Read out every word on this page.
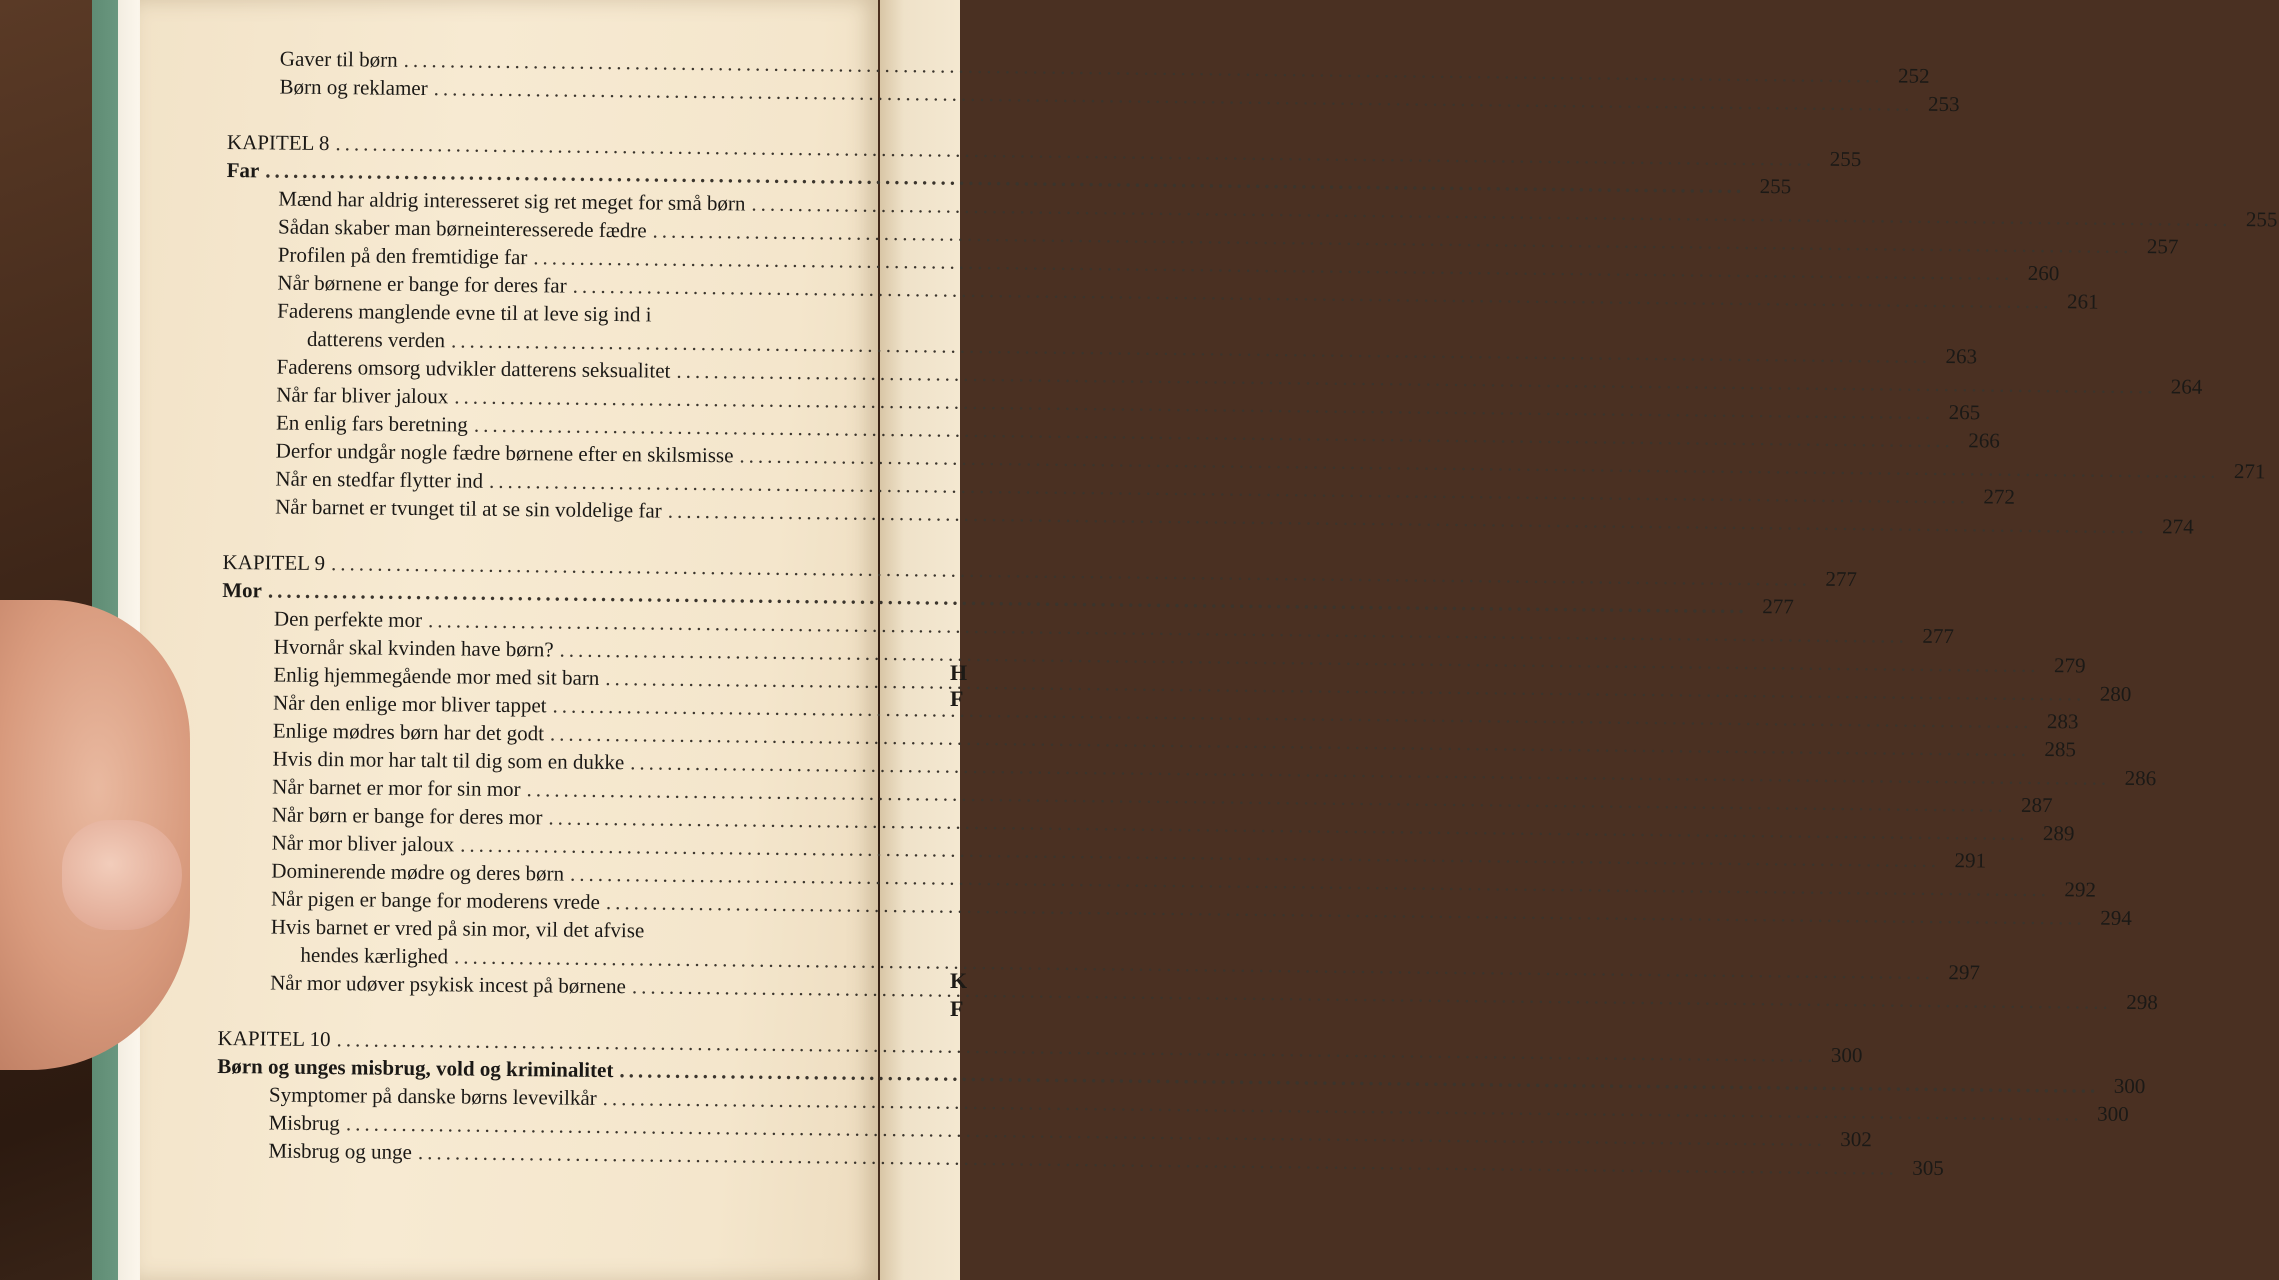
H
F
K
F
Gaver til børn
.....
252
Børn og reklamer
.....
253
KAPITEL 8
.....
255
Far
.....
255
Mænd har aldrig interesseret sig ret meget for små børn
.....
255
Sådan skaber man børneinteresserede fædre
.....
257
Profilen på den fremtidige far
.....
260
Når børnene er bange for deres far
.....
261
Faderens manglende evne til at leve sig ind i
datterens verden
.....
263
Faderens omsorg udvikler datterens seksualitet
.....
264
Når far bliver jaloux
.....
265
En enlig fars beretning
.....
266
Derfor undgår nogle fædre børnene efter en skilsmisse
.....
271
Når en stedfar flytter ind
.....
272
Når barnet er tvunget til at se sin voldelige far
.....
274
KAPITEL 9
.....
277
Mor
.....
277
Den perfekte mor
.....
277
Hvornår skal kvinden have børn?
.....
279
Enlig hjemmegående mor med sit barn
.....
280
Når den enlige mor bliver tappet
.....
283
Enlige mødres børn har det godt
.....
285
Hvis din mor har talt til dig som en dukke
.....
286
Når barnet er mor for sin mor
.....
287
Når børn er bange for deres mor
.....
289
Når mor bliver jaloux
.....
291
Dominerende mødre og deres børn
.....
292
Når pigen er bange for moderens vrede
.....
294
Hvis barnet er vred på sin mor, vil det afvise
hendes kærlighed
.....
297
Når mor udøver psykisk incest på børnene
.....
298
KAPITEL 10
.....
300
Børn og unges misbrug, vold og kriminalitet
.....
300
Symptomer på danske børns levevilkår
.....
300
Misbrug
.....
302
Misbrug og unge
.....
305
